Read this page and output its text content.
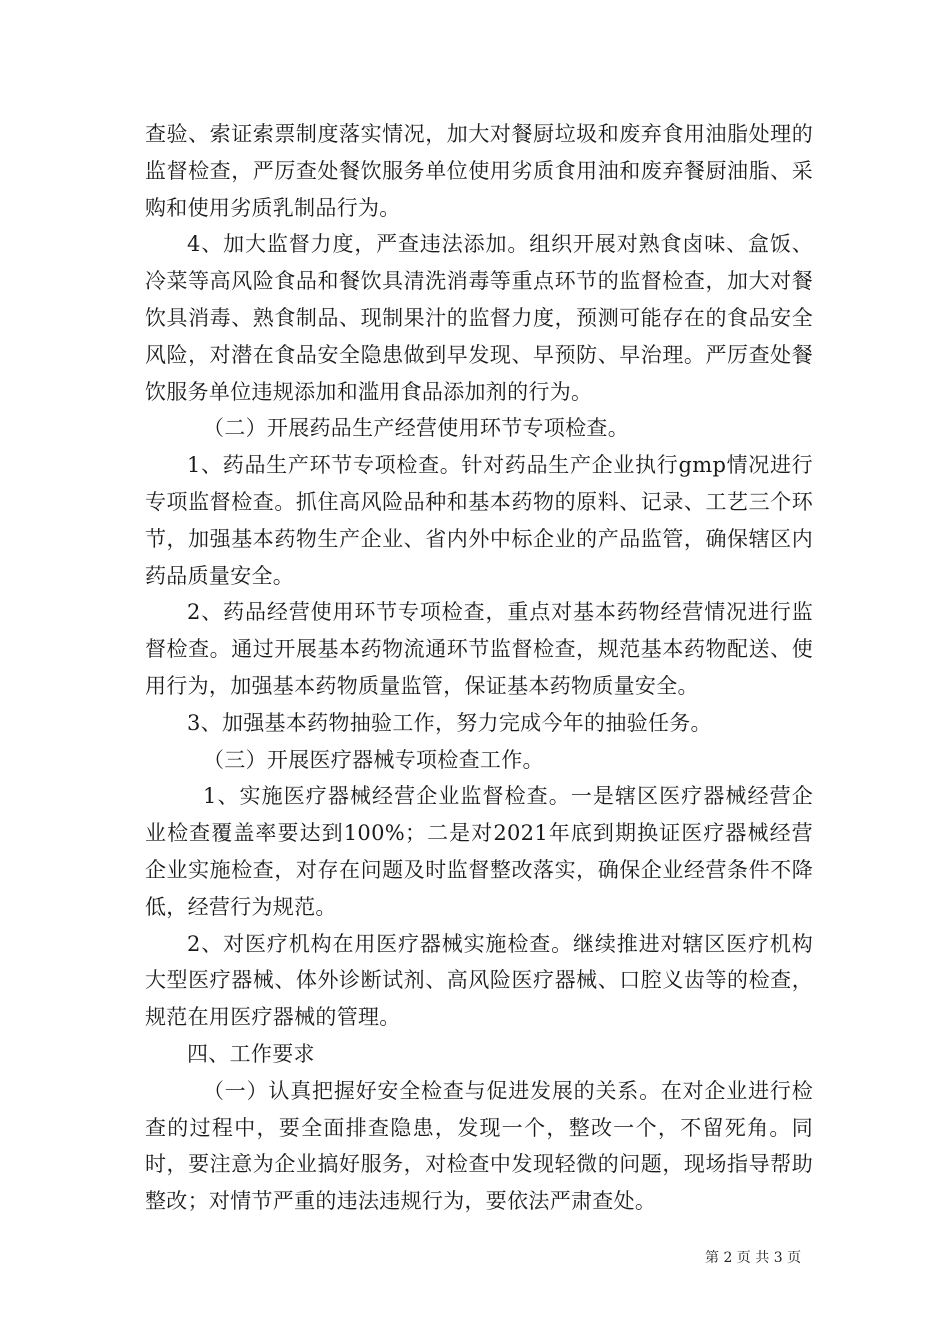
查验、索证索票制度落实情况，加大对餐厨垃圾和废弃食用油脂处理的监督检查，严厉查处餐饮服务单位使用劣质食用油和废弃餐厨油脂、采购和使用劣质乳制品行为。

4、加大监督力度，严查违法添加。组织开展对熟食卤味、盒饭、冷菜等高风险食品和餐饮具清洗消毒等重点环节的监督检查，加大对餐饮具消毒、熟食制品、现制果汁的监督力度，预测可能存在的食品安全风险，对潜在食品安全隐患做到早发现、早预防、早治理。严厉查处餐饮服务单位违规添加和滥用食品添加剂的行为。

（二）开展药品生产经营使用环节专项检查。

1、药品生产环节专项检查。针对药品生产企业执行gmp情况进行专项监督检查。抓住高风险品种和基本药物的原料、记录、工艺三个环节，加强基本药物生产企业、省内外中标企业的产品监管，确保辖区内药品质量安全。

2、药品经营使用环节专项检查，重点对基本药物经营情况进行监督检查。通过开展基本药物流通环节监督检查，规范基本药物配送、使用行为，加强基本药物质量监管，保证基本药物质量安全。

3、加强基本药物抽验工作，努力完成今年的抽验任务。

（三）开展医疗器械专项检查工作。

1、实施医疗器械经营企业监督检查。一是辖区医疗器械经营企业检查覆盖率要达到100%；二是对2021年底到期换证医疗器械经营企业实施检查，对存在问题及时监督整改落实，确保企业经营条件不降低，经营行为规范。

2、对医疗机构在用医疗器械实施检查。继续推进对辖区医疗机构大型医疗器械、体外诊断试剂、高风险医疗器械、口腔义齿等的检查，规范在用医疗器械的管理。

四、工作要求

（一）认真把握好安全检查与促进发展的关系。在对企业进行检查的过程中，要全面排查隐患，发现一个，整改一个，不留死角。同时，要注意为企业搞好服务，对检查中发现轻微的问题，现场指导帮助整改；对情节严重的违法违规行为，要依法严肃查处。

第 2 页 共 3 页
